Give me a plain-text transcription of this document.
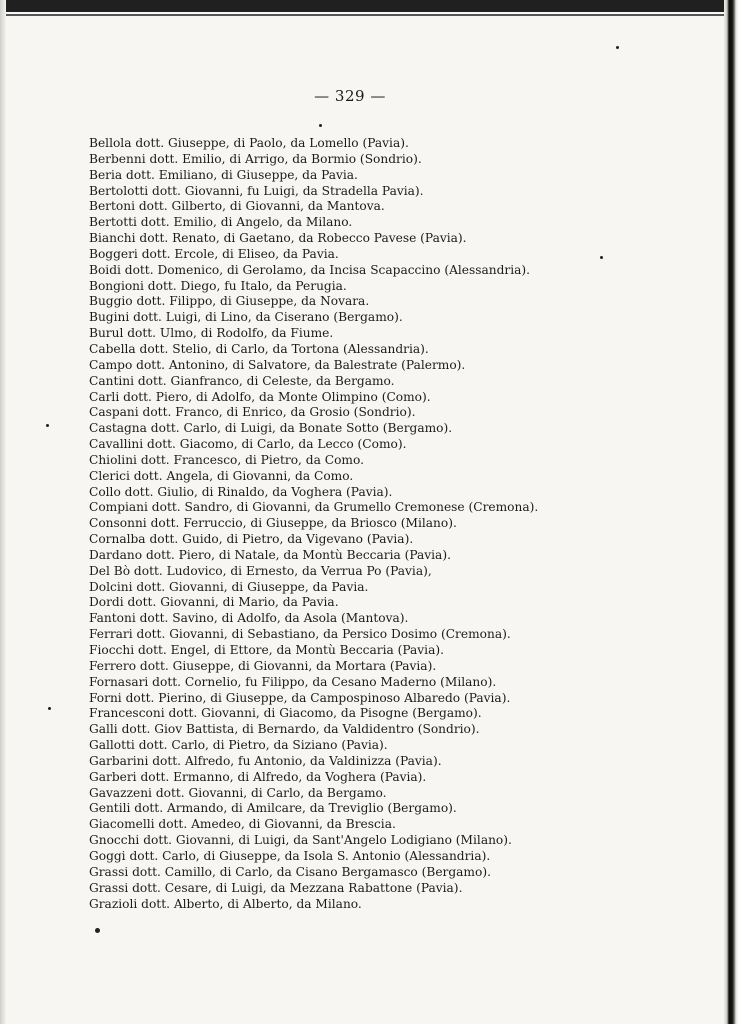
— 329 —
Bellola dott. Giuseppe, di Paolo, da Lomello (Pavia).
Berbenni dott. Emilio, di Arrigo, da Bormio (Sondrio).
Beria dott. Emiliano, di Giuseppe, da Pavia.
Bertolotti dott. Giovanni, fu Luigi, da Stradella Pavia).
Bertoni dott. Gilberto, di Giovanni, da Mantova.
Bertotti dott. Emilio, di Angelo, da Milano.
Bianchi dott. Renato, di Gaetano, da Robecco Pavese (Pavia).
Boggeri dott. Ercole, di Eliseo, da Pavia.
Boidi dott. Domenico, di Gerolamo, da Incisa Scapaccino (Alessandria).
Bongioni dott. Diego, fu Italo, da Perugia.
Buggio dott. Filippo, di Giuseppe, da Novara.
Bugini dott. Luigi, di Lino, da Ciserano (Bergamo).
Burul dott. Ulmo, di Rodolfo, da Fiume.
Cabella dott. Stelio, di Carlo, da Tortona (Alessandria).
Campo dott. Antonino, di Salvatore, da Balestrate (Palermo).
Cantini dott. Gianfranco, di Celeste, da Bergamo.
Carli dott. Piero, di Adolfo, da Monte Olimpino (Como).
Caspani dott. Franco, di Enrico, da Grosio (Sondrio).
Castagna dott. Carlo, di Luigi, da Bonate Sotto (Bergamo).
Cavallini dott. Giacomo, di Carlo, da Lecco (Como).
Chiolini dott. Francesco, di Pietro, da Como.
Clerici dott. Angela, di Giovanni, da Como.
Collo dott. Giulio, di Rinaldo, da Voghera (Pavia).
Compiani dott. Sandro, di Giovanni, da Grumello Cremonese (Cremona).
Consonni dott. Ferruccio, di Giuseppe, da Briosco (Milano).
Cornalba dott. Guido, di Pietro, da Vigevano (Pavia).
Dardano dott. Piero, di Natale, da Montù Beccaria (Pavia).
Del Bò dott. Ludovico, di Ernesto, da Verrua Po (Pavia),
Dolcini dott. Giovanni, di Giuseppe, da Pavia.
Dordi dott. Giovanni, di Mario, da Pavia.
Fantoni dott. Savino, di Adolfo, da Asola (Mantova).
Ferrari dott. Giovanni, di Sebastiano, da Persico Dosimo (Cremona).
Fiocchi dott. Engel, di Ettore, da Montù Beccaria (Pavia).
Ferrero dott. Giuseppe, di Giovanni, da Mortara (Pavia).
Fornasari dott. Cornelio, fu Filippo, da Cesano Maderno (Milano).
Forni dott. Pierino, di Giuseppe, da Campospinoso Albaredo (Pavia).
Francesconi dott. Giovanni, di Giacomo, da Pisogne (Bergamo).
Galli dott. Giov Battista, di Bernardo, da Valdidentro (Sondrio).
Gallotti dott. Carlo, di Pietro, da Siziano (Pavia).
Garbarini dott. Alfredo, fu Antonio, da Valdinizza (Pavia).
Garberi dott. Ermanno, di Alfredo, da Voghera (Pavia).
Gavazzeni dott. Giovanni, di Carlo, da Bergamo.
Gentili dott. Armando, di Amilcare, da Treviglio (Bergamo).
Giacomelli dott. Amedeo, di Giovanni, da Brescia.
Gnocchi dott. Giovanni, di Luigi, da Sant'Angelo Lodigiano (Milano).
Goggi dott. Carlo, di Giuseppe, da Isola S. Antonio (Alessandria).
Grassi dott. Camillo, di Carlo, da Cisano Bergamasco (Bergamo).
Grassi dott. Cesare, di Luigi, da Mezzana Rabattone (Pavia).
Grazioli dott. Alberto, di Alberto, da Milano.
